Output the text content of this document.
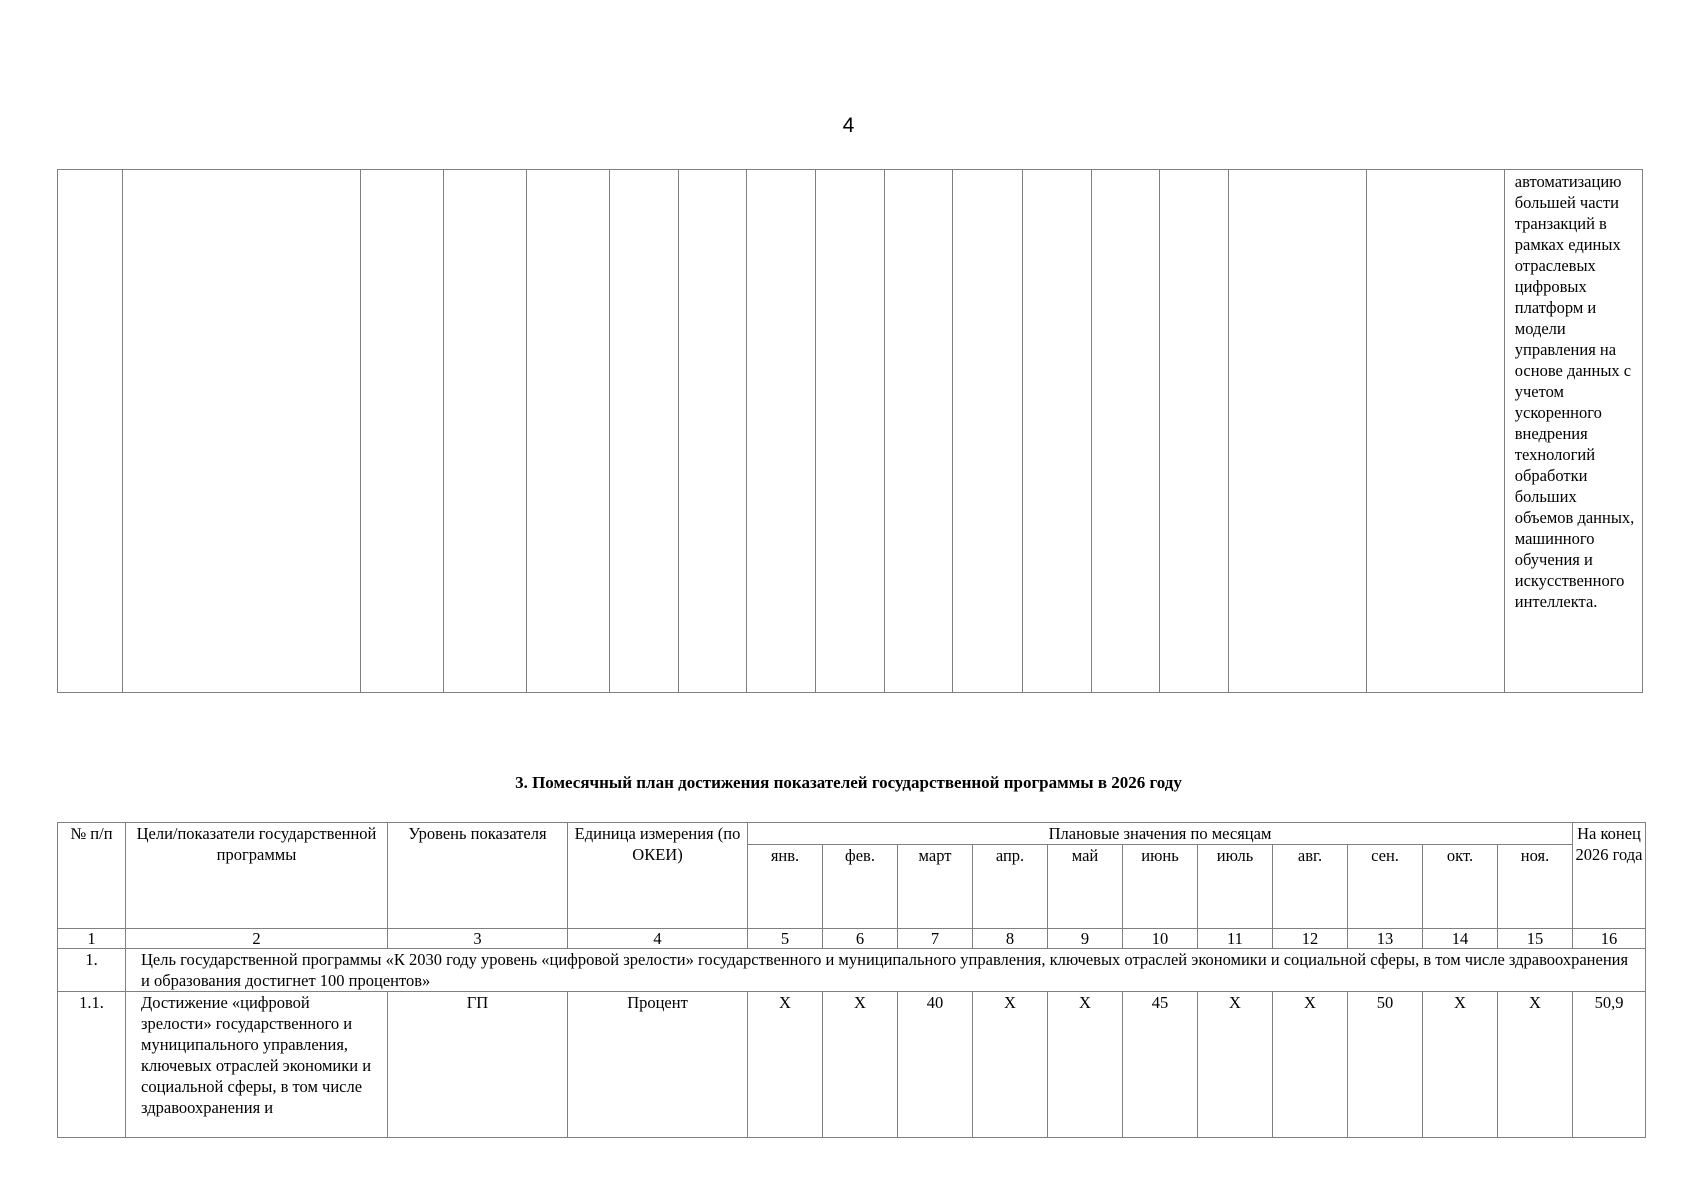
4
																автоматизацию большей части транзакций в рамках единых отраслевых цифровых платформ и модели управления на основе данных с учетом ускоренного внедрения технологий обработки больших объемов данных, машинного обучения и искусственного интеллекта.
3. Помесячный план достижения показателей государственной программы в 2026 году
№ п/п	Цели/показатели государственной программы	Уровень показателя	Единица измерения (по ОКЕИ)	Плановые значения по месяцам											На конец 2026 года
				янв.	фев.	март	апр.	май	июнь	июль	авг.	сен.	окт.	ноя.	
1	2	3	4	5	6	7	8	9	10	11	12	13	14	15	16
1.	Цель государственной программы «К 2030 году уровень «цифровой зрелости» государственного и муниципального управления, ключевых отраслей экономики и социальной сферы, в том числе здравоохранения и образования достигнет 100 процентов»														
1.1.	Достижение «цифровой зрелости» государственного и муниципального управления, ключевых отраслей экономики и социальной сферы, в том числе здравоохранения и	ГП	Процент	X	X	40	X	X	45	X	X	50	X	X	50,9
